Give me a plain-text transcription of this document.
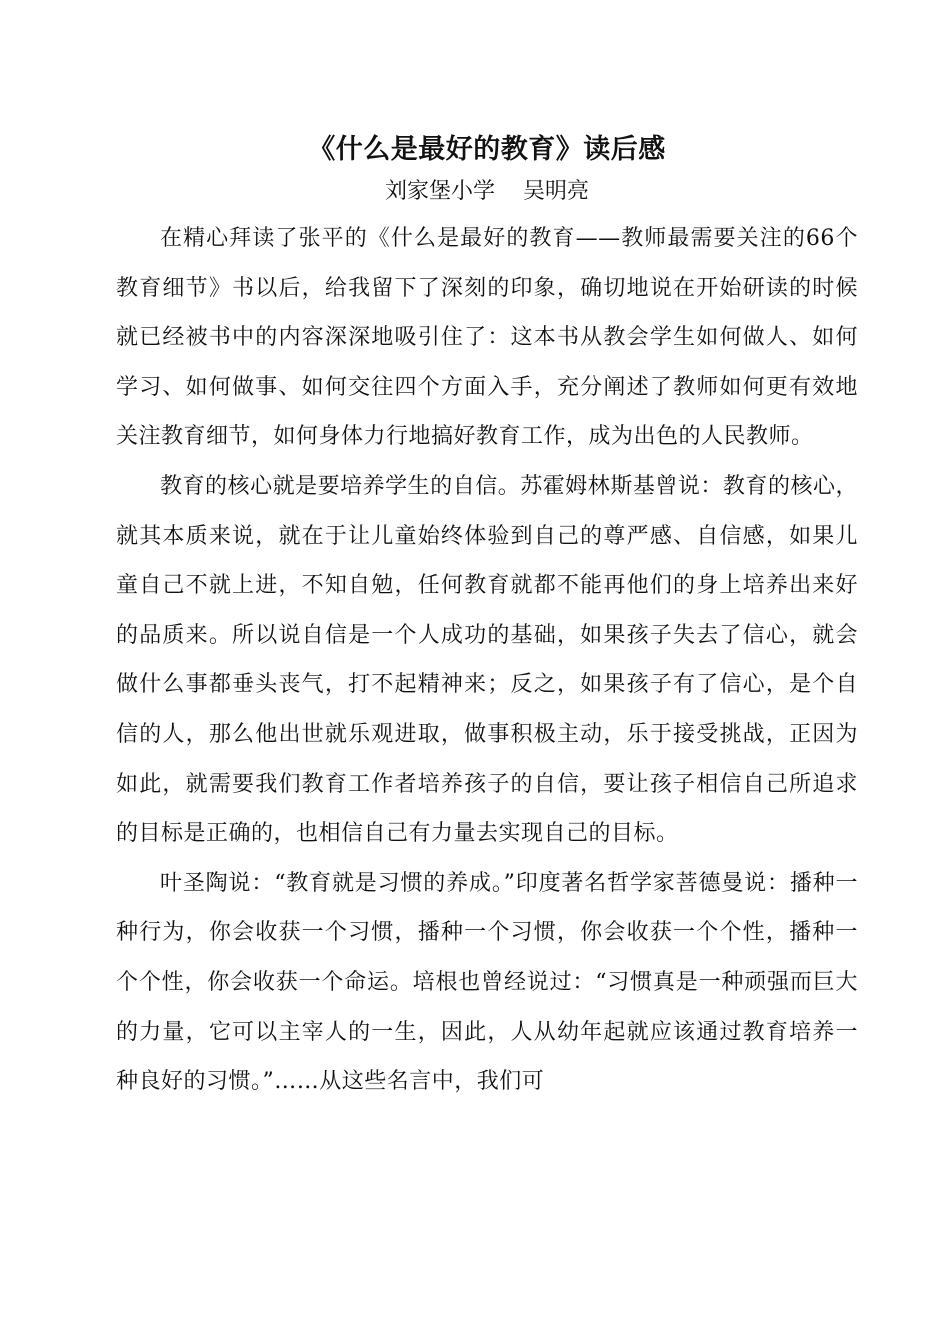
《什么是最好的教育》读后感
刘家堡小学    吴明亮

在精心拜读了张平的《什么是最好的教育——教师最需要关注的66个教育细节》书以后，给我留下了深刻的印象，确切地说在开始研读的时候就已经被书中的内容深深地吸引住了：这本书从教会学生如何做人、如何学习、如何做事、如何交往四个方面入手，充分阐述了教师如何更有效地关注教育细节，如何身体力行地搞好教育工作，成为出色的人民教师。

教育的核心就是要培养学生的自信。苏霍姆林斯基曾说：教育的核心，就其本质来说，就在于让儿童始终体验到自己的尊严感、自信感，如果儿童自己不就上进，不知自勉，任何教育就都不能再他们的身上培养出来好的品质来。所以说自信是一个人成功的基础，如果孩子失去了信心，就会做什么事都垂头丧气，打不起精神来；反之，如果孩子有了信心，是个自信的人，那么他出世就乐观进取，做事积极主动，乐于接受挑战，正因为如此，就需要我们教育工作者培养孩子的自信，要让孩子相信自己所追求的目标是正确的，也相信自己有力量去实现自己的目标。

叶圣陶说：“教育就是习惯的养成。”印度著名哲学家菩德曼说：播种一种行为，你会收获一个习惯，播种一个习惯，你会收获一个个性，播种一个个性，你会收获一个命运。培根也曾经说过：“习惯真是一种顽强而巨大的力量，它可以主宰人的一生，因此，人从幼年起就应该通过教育培养一种良好的习惯。”……从这些名言中，我们可
